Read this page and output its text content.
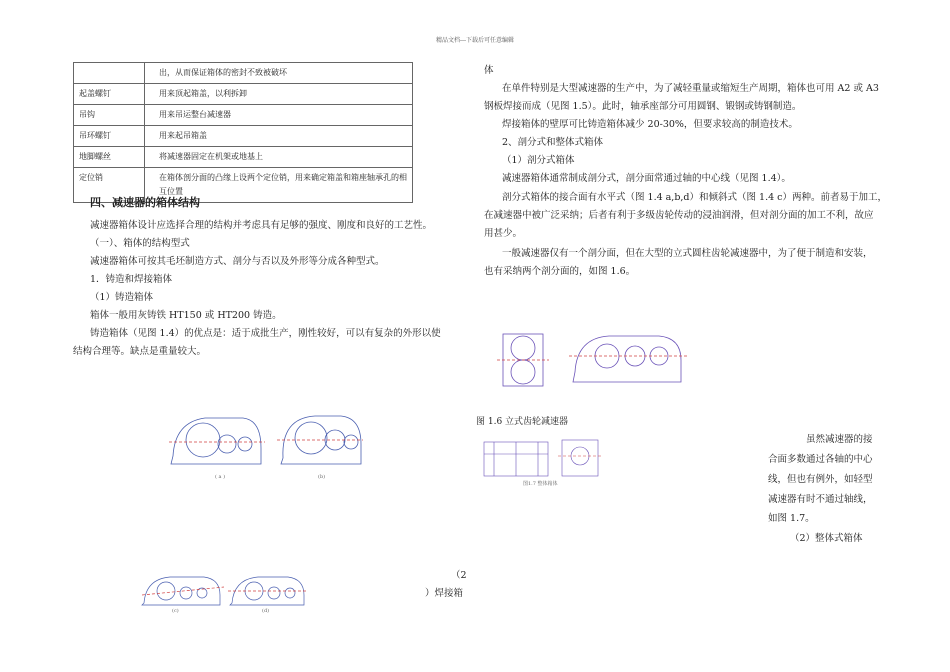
精品文档---下载后可任意编辑
	出，从而保证箱体的密封不致被破坏
起盖螺钉	用来顶起箱盖，以利拆卸
吊钩	用来吊运整台减速器
吊环螺钉	用来起吊箱盖
地脚螺丝	将减速器固定在机架或地基上
定位销	在箱体剖分面的凸缘上设两个定位销，用来确定箱盖和箱座轴承孔的相互位置
四、减速器的箱体结构
减速器箱体设计应选择合理的结构并考虑具有足够的强度、刚度和良好的工艺性。
（一）、箱体的结构型式
减速器箱体可按其毛坯制造方式、剖分与否以及外形等分成各种型式。
1．铸造和焊接箱体
（1）铸造箱体
箱体一般用灰铸铁 HT150 或 HT200 铸造。
铸造箱体（见图 1.4）的优点是：适于成批生产，刚性较好，可以有复杂的外形以使
结构合理等。缺点是重量较大。
( a )	(b)
(c)	(d)
（2
）焊接箱
体
在单件特别是大型减速器的生产中，为了减轻重量或缩短生产周期，箱体也可用 A2 或 A3
钢板焊接而成（见图 1.5）。此时，轴承座部分可用圆钢、锻钢或铸钢制造。
焊接箱体的壁厚可比铸造箱体减少 20-30%，但要求较高的制造技术。
2、剖分式和整体式箱体
（1）剖分式箱体
减速器箱体通常制成剖分式，剖分面常通过轴的中心线（见图 1.4）。
剖分式箱体的接合面有水平式（图 1.4 a,b,d）和倾斜式（图 1.4 c）两种。前者易于加工，
在减速器中被广泛采纳；后者有利于多级齿轮传动的浸油润滑，但对剖分面的加工不利，故应
用甚少。
一般减速器仅有一个剖分面，但在大型的立式圆柱齿轮减速器中，为了便于制造和安装，
也有采纳两个剖分面的，如图 1.6。
图 1.6 立式齿轮减速器
图1.7 整体箱体
虽然减速器的接
合面多数通过各轴的中心
线，但也有例外，如轻型
减速器有时不通过轴线，
如图 1.7。
（2）整体式箱体
